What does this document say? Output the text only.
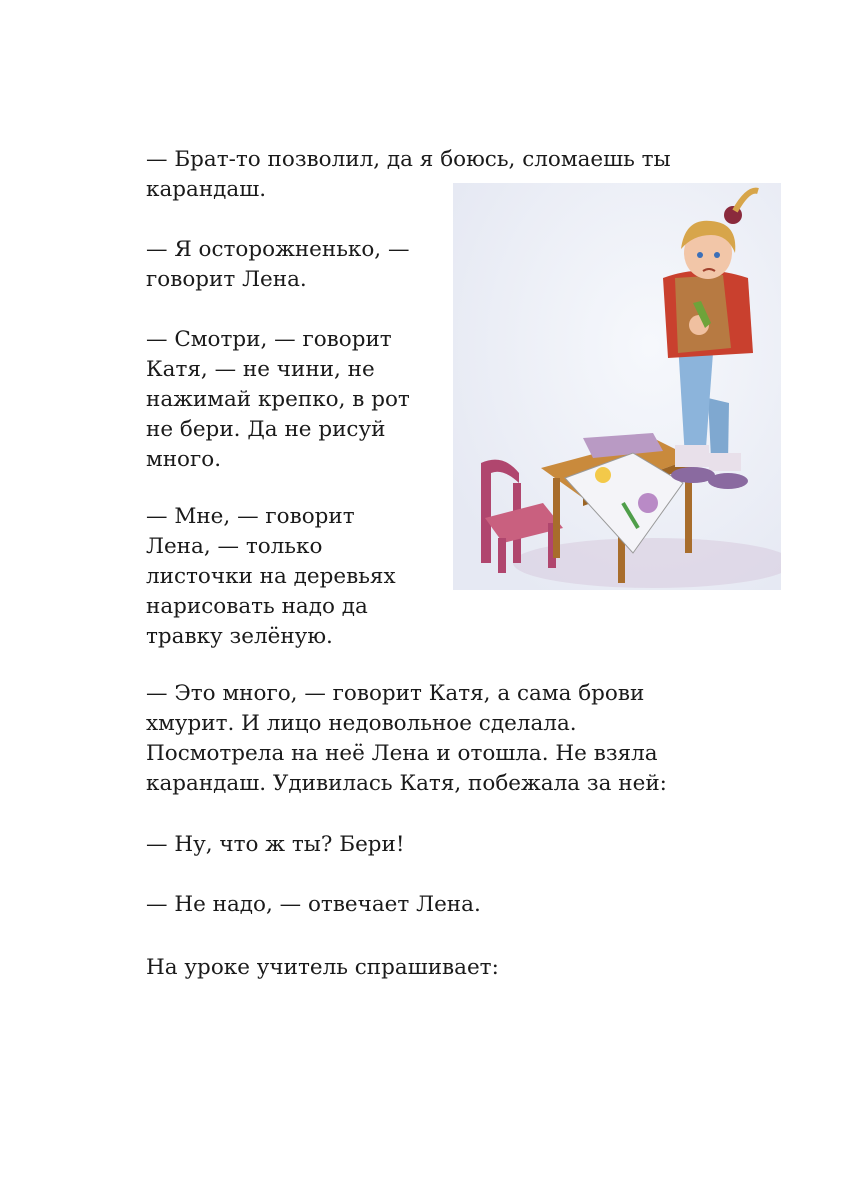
— Брат-то позволил, да я боюсь, сломаешь ты
карандаш.
— Я осторожненько, —
говорит Лена.
— Смотри, — говорит
Катя, — не чини, не
нажимай крепко, в рот
не бери. Да не рисуй
много.
— Мне, — говорит
Лена, — только
листочки на деревьях
нарисовать надо да
травку зелёную.
— Это много, — говорит Катя, а сама брови
хмурит. И лицо недовольное сделала.
Посмотрела на неё Лена и отошла. Не взяла
карандаш. Удивилась Катя, побежала за ней:
— Ну, что ж ты? Бери!
— Не надо, — отвечает Лена.
На уроке учитель спрашивает:
